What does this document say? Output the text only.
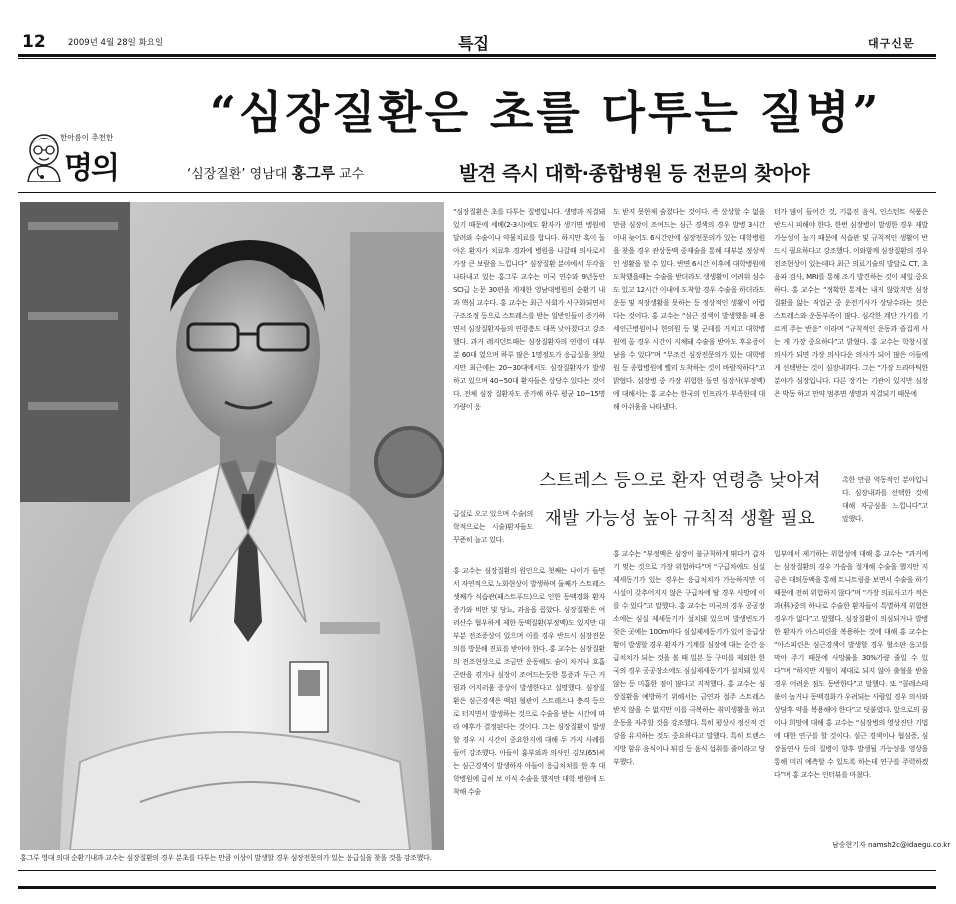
12	2009년 4월 28일 화요일	특집	대구신문
“심장질환은 초를 다투는 질병”
한아름이 추천한
명의	‘심장질환’ 영남대 홍그루 교수	발견 즉시 대학·종합병원 등 전문의 찾아야
홍그루 영대 의대 순환기내과 교수는 심장질환의 경우 분초를 다투는 만큼 이상이 발생할 경우 심장전문의가 있는 응급실을 찾을 것을 강조했다.
“심장질환은 초를 다투는 질병입니다. 생명과 직결돼 있기 때문에 세베(2-3시)에도 환자가 생기면 병원에 달려와 수술이나 약물치료를 합니다. 하지만 혹이 돌아온 환자가 치료후 경과에 병원을 나갈때 의사로서 가장 큰 보람을 느낍니다” 심장질환 분야에서 두각을 나타내고 있는 홍그루 교수는 미국 연수와 9년동안 SCI급 논문 30편을 게재한 영남대병원의 순환기 내과 핵심 교수다. 홍 교수는 최근 사회가 서구화되면서 구조조정 등으로 스트레스를 받는 일반인들이 증가하면서 심장질환자들의 연령층도 대폭 낮아졌다고 강조했다. 과거 레지던트때는 심장질환자의 연령이 대부분 60대 였으며 하루 많은 1명정도가 응급실을 찾았지만 최근에는 20~30대에서도 심장질환자가 발생하고 있으며 40~50대 환자들은 상당수 있다는 것이다. 전체 심장 질환자도 증가해 하루 평균 10~15명 가량이 응
급실로 오고 있으며 수술(의학적으로는 시술)환자들도 꾸준히 늘고 있다.
홍 교수는 심장질환의 원인으로 첫째는 나이가 들면서 자연적으로 노화현상이 발생하며 둘째가 스트레스 셋째가 식습관(패스트푸드)으로 인한 동맥경화 환자증가와 비만 및 당뇨, 과음을 꼽았다. 심장질환은 여러산수 협우하게 제한 동맥질환(부정맥)도 있지만 대부분 전조증상이 있으며 이를 경우 반드시 심장전문의를 방문해 진료를 받아야 한다. 홍 교수는 심장질환의 전조현상으로 조금만 운동해도 숨이 차거나 호흡 곤란을 겪거나 심장이 조여드는듯한 통증과 두근 거림과 어지러움 증상이 발생한다고 설명했다. 심장질환은 심근경색은 맥된 혈관이 스트레스나 충격 등으로 터지면서 발생하는 것으로 수술을 받는 시간에 따라 예후가 결정된다는 것이다. 그는 심장질환이 발생할 경우 시 시간이 중요한지에 대해 두 가지 사례를 들어 강조했다. 아들이 흉부외과 의사인 김모(65)씨는 심근경색이 발생하자 아들이 응급처치를 한 후 대학병원에 급히 보 이식 수술을 했지만 대학 병원에 도착해 수술
도 받지 못한채 숨졌다는 것이다. 즉 상상할 수 없을 만큼 심장이 조여드는 심근 경색의 경우 발병 3시간이내 늦어도 6시간안에 심장전문의가 있는 대학병원을 찾을 경우 관상동맥 중재술을 통해 대부분 정상적인 생활을 할 수 있다. 반면 6시간 이후에 대학병원에 도착했을때는 수술을 받더라도 생생활이 어려워 심수도 있고 12시간 이내에 도착할 경우 수술을 하더라도 운동 및 직장생활을 못하는 등 정상적인 생활이 어렵다는 것이다. 홍 교수는 “심근 경색이 발생했을 때 용세인근병원이나 한의원 등 몇 군데를 거치고 대학병원에 올 경우 시간이 지체돼 수술을 받아도 후유증이 남을 수 있다”며 “무조건 심장전문의가 있는 대학병원 등 종합병원에 빨리 도착하는 것이 바람직하다”고 밝혔다. 심장병 중 가장 위험한 돌연 심장사(부정맥)에 대해서는 홍 교수는 한국의 인프라가 부족한데 대해 아쉬움을 나타냈다.
홍 교수는 “부정맥은 심장이 불규칙하게 뛰다가 갑자기 멎는 것으로 가장 위험하다”며 “구급차에도 심실 제세동기가 있는 경우는 응급처치가 가능하지만 이 시설이 갖추어지지 않은 구급차에 탈 경우 사망에 이를 수 있다”고 말했다. 홍 교수는 미국의 경우 공공장소에는 심실 제세동기가 설치돼 있으며 발생빈도가 잦은 곳에는 100m마다 심실제세동기가 있어 응급상황이 발생할 경우 환자가 기계를 심장에 대는 순간 응급처치가 되는 것을 볼 때 일본 등 구미를 제외한 한국의 경우 공공장소에도 심실제세동기가 설치돼 있지 않는 등 미흡한 점이 많다고 지적했다. 홍 교수는 심장질환을 예방하기 위해서는 금연과 절주 스트레스 받지 않을 수 없지만 이를 극복하는 취미생활을 하고 운동을 자주할 것을 강조했다. 특히 평상시 정신적 건강을 유지하는 것도 중요하다고 말했다. 특히 트랜스 지방 함유 음식이나 튀김 등 음식 섭취를 줄이라고 당부했다.
터가 많이 들어간 것, 기름진 음식, 인스턴트 식품은 반드시 피해야 한다. 한번 심장병이 발생한 경우 재발가능성이 높기 때문에 식습관 및 규칙적인 생활이 반드시 필요하다고 강조했다. 이와함께 심장질환의 경우 전조현상이 있는데다 최근 의료기술의 발달로 CT, 초음파 검사, MRI를 통해 조기 발견하는 것이 제일 중요하다. 홍 교수는 “정확한 통계는 내지 않았지만 심장질환을 앓는 직업군 중 운전기사가 상당수라는 것은 스트레스와 운동부족이 많다. 심각한 계단 가기를 기르게 주는 반응” 이라며 “규칙적인 운동과 즐겁게 사는 게 가장 중요하다”고 밝혔다. 홍 교수는 학창시절 의사가 되면 가장 의사다운 의사가 되어 많은 이들에게 선택받는 것이 심장내과다. 그는 “가장 드라마틱한 분야가 심장입니다. 다른 장기는 기관이 있지만 심장은 박동 하고 만약 멈추면 생명과 직결되기 때문에
촉한 만큼 역동적인 분야입니다. 심장내과를 선택한 것에 대해 자긍심을 느낍니다”고 말했다.
일부에서 제기하는 위험성에 대해 홍 교수는 “과거에는 심장질환의 경우 가슴을 절개해 수술을 했지만 지금은 대퇴동맥을 통해 트니트림을 보면서 수술을 하기 때문에 전혀 위험하지 않다”며 “가장 의료사고가 적은 과(科)중의 하나로 수술한 환자들이 특별하게 위험한 경우가 없다”고 말했다. 심장질환이 의심되거나 발병한 환자가 아스피린을 복용하는 것에 대해 홍 교수는 “아스피린은 심근경색이 발생할 경우 혈소판 응고를 막아 주기 때문에 사망률을 30%가량 줄일 수 있다”며 “하지만 지혈이 제대로 되지 않아 출혈을 받을 경우 어려운 점도 동반한다”고 말했다. 또 “콜레스테롤이 높거나 동맥경화가 우려되는 사람일 경우 의사와 상담후 약을 복용해야 한다”고 덧붙였다. 앞으로의 꿈이나 희망에 대해 홍 교수는 “심장병의 영상진단 기법에 대한 연구를 할 것이다. 심근 경색이나 협심증, 심장돌연사 등의 질병이 향후 발생될 가능성을 영상을 통해 미리 예측할 수 있도록 하는데 연구를 주력하겠다”며 홍 교수는 인터뷰를 마쳤다.
스트레스 등으로 환자 연령층 낮아져
재발 가능성 높아 규칙적 생활 필요
남승현기자 namsh2c@idaegu.co.kr
